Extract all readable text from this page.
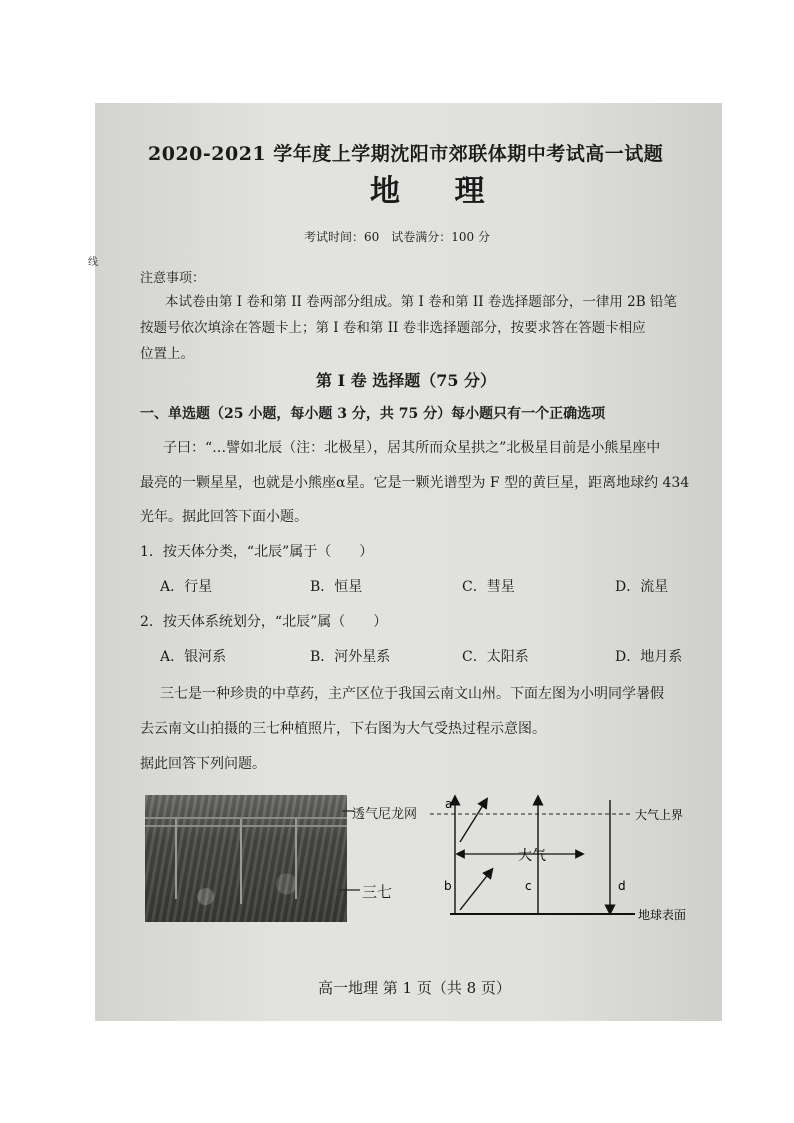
线
2020-2021 学年度上学期沈阳市郊联体期中考试高一试题
地 理
考试时间：60　试卷满分：100 分
注意事项：
本试卷由第 I 卷和第 II 卷两部分组成。第 I 卷和第 II 卷选择题部分，一律用 2B 铅笔
按题号依次填涂在答题卡上；第 I 卷和第 II 卷非选择题部分，按要求答在答题卡相应
位置上。
第 I 卷 选择题（75 分）
一、单选题（25 小题，每小题 3 分，共 75 分）每小题只有一个正确选项
子曰：“…譬如北辰（注：北极星），居其所而众星拱之”北极星目前是小熊星座中
最亮的一颗星星，也就是小熊座α星。它是一颗光谱型为 F 型的黄巨星，距离地球约 434
光年。据此回答下面小题。
1．按天体分类，“北辰”属于（　　）
A．行星	B．恒星	C．彗星	D．流星
2．按天体系统划分，“北辰”属（　　）
A．银河系	B．河外星系	C．太阳系	D．地月系
三七是一种珍贵的中草药，主产区位于我国云南文山州。下面左图为小明同学暑假
去云南文山拍摄的三七种植照片，下右图为大气受热过程示意图。
据此回答下列问题。
透气尼龙网
三七
a
b	c	d
大气
大气上界
地球表面
高一地理 第 1 页（共 8 页）
